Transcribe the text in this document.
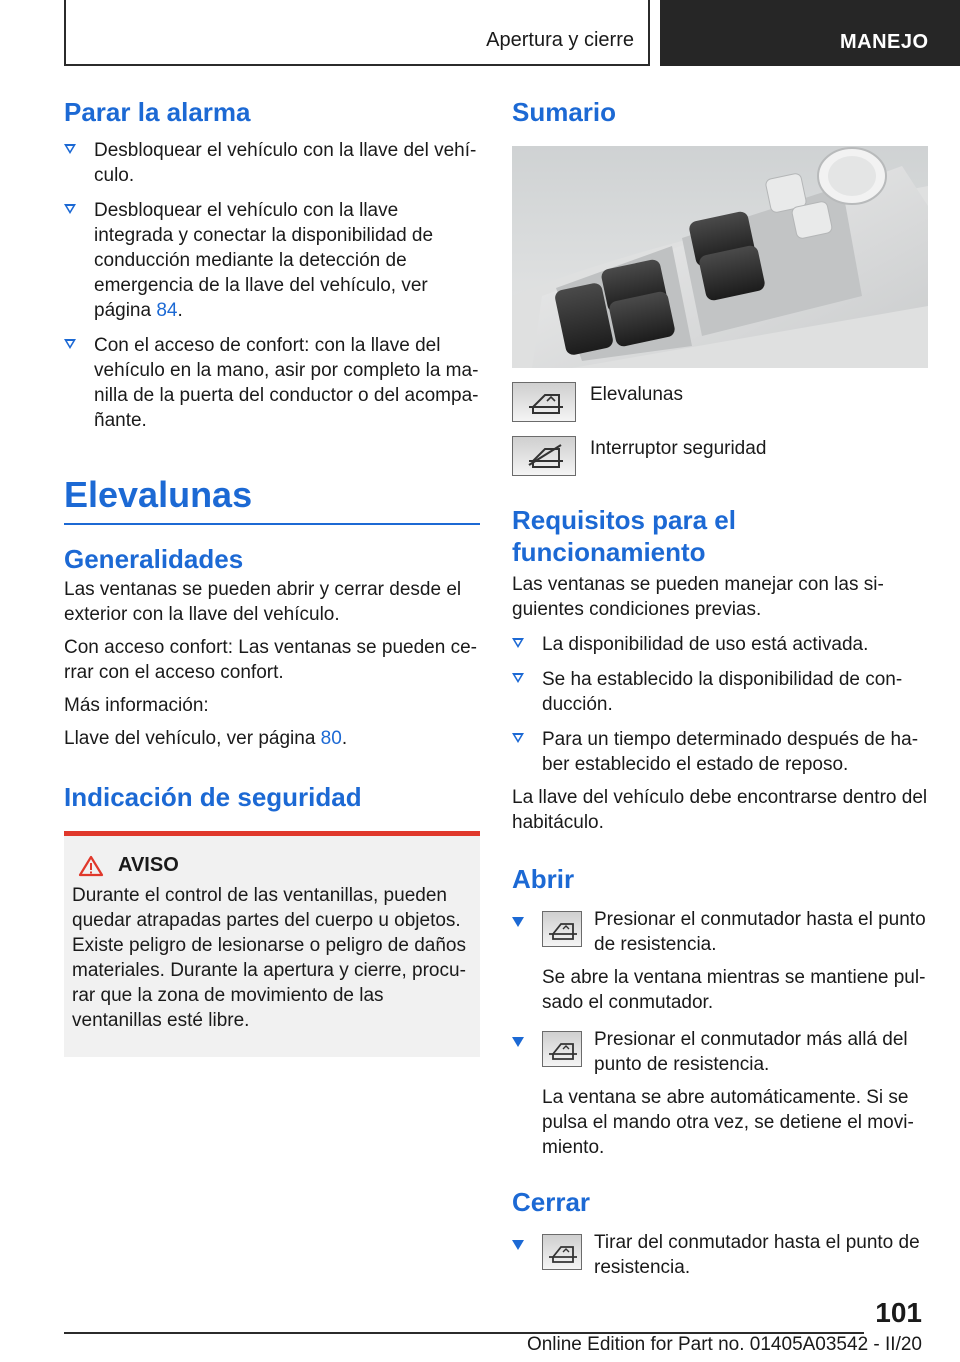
Apertura y cierre	MANEJO
Parar la alarma
Desbloquear el vehículo con la llave del vehículo.
Desbloquear el vehículo con la llave integrada y conectar la disponibilidad de conducción mediante la detección de emergencia de la llave del vehículo, ver página 84.
Con el acceso de confort: con la llave del vehículo en la mano, asir por completo la manilla de la puerta del conductor o del acompañante.
Elevalunas
Generalidades

Las ventanas se pueden abrir y cerrar desde el exterior con la llave del vehículo.

Con acceso confort: Las ventanas se pueden cerrar con el acceso confort.

Más información:

Llave del vehículo, ver página 80.

Indicación de seguridad
AVISO

Durante el control de las ventanillas, pueden quedar atrapadas partes del cuerpo u objetos. Existe peligro de lesionarse o peligro de daños materiales. Durante la apertura y cierre, procurar que la zona de movimiento de las ventanillas esté libre.

Sumario
Elevalunas
Interruptor seguridad
Requisitos para el funcionamiento

Las ventanas se pueden manejar con las siguientes condiciones previas.

La disponibilidad de uso está activada.
Se ha establecido la disponibilidad de conducción.
Para un tiempo determinado después de haber establecido el estado de reposo.

La llave del vehículo debe encontrarse dentro del habitáculo.

Abrir
Presionar el conmutador hasta el punto de resistencia.

Se abre la ventana mientras se mantiene pulsado el conmutador.

Presionar el conmutador más allá del punto de resistencia.

La ventana se abre automáticamente. Si se pulsa el mando otra vez, se detiene el movimiento.

Cerrar
Tirar del conmutador hasta el punto de resistencia.
101
Online Edition for Part no. 01405A03542 - II/20
